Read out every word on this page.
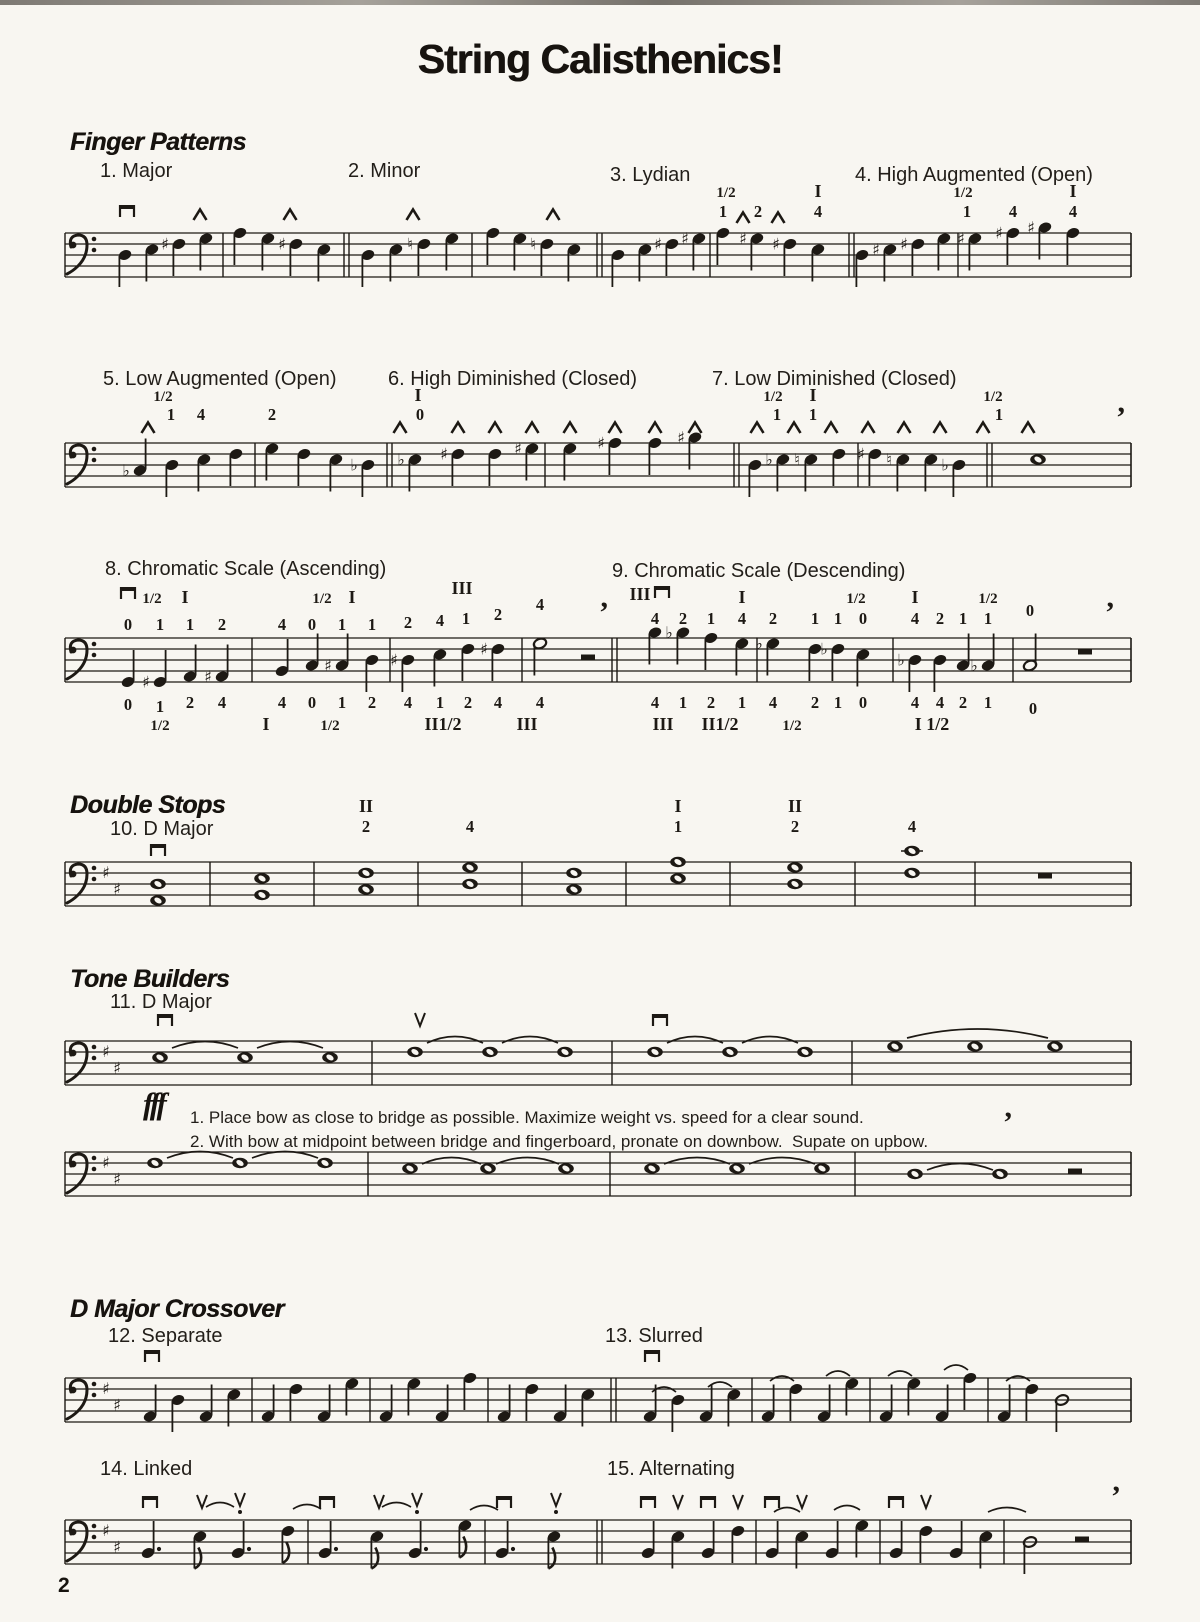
String Calisthenics!
Finger Patterns
Double Stops
Tone Builders
D Major Crossover
1. Major	2. Minor	3. Lydian	4. High Augmented (Open)
5. Low Augmented (Open)	6. High Diminished (Closed)	7. Low Diminished (Closed)
8. Chromatic Scale (Ascending)	9. Chromatic Scale (Descending)
10. D Major
11. D Major
12. Separate	13. Slurred
14. Linked	15. Alternating
fff 1. Place bow as close to bridge as possible. Maximize weight vs. speed for a clear sound.
2. With bow at midpoint between bridge and fingerboard, pronate on downbow.  Supate on upbow.
2
♯	♯	♮	♮	♯ ♯	♯ ♯	♯ ♯	♯ ♯ ♯
1/2	I
1 2	4
1/2	I
1 4	4
♭	♭ ♭ ♯	♯	♯	♯
♭ ♮	♯ ♮	♭
1/2
1 4	2
I
0
1/2 I
1 1
1/2
1	’
♯	♯
♯	♯
♯
♭
♭	♭
♭	♭
1/2 I
0 1 1 2
1/2 I
4 0 1 1 2 4
III
1 2
4 ’
III
4 2 1
I
4 2 1 1 0
1/2	I	1/2
4 2 1 1 0 ’
0 1 2 4
1/2
4 0 1 2
I	1/2
4 1 2 4 4
II1/2	III
4 1 2 1
III II1/2
4 2 1 0
1/2
4 4 2 1 0
I 1/2
♯
♯
II
2	4
I
1
II
2	4
♯
♯
♯
♯
’
♯
♯
♯
♯
’
